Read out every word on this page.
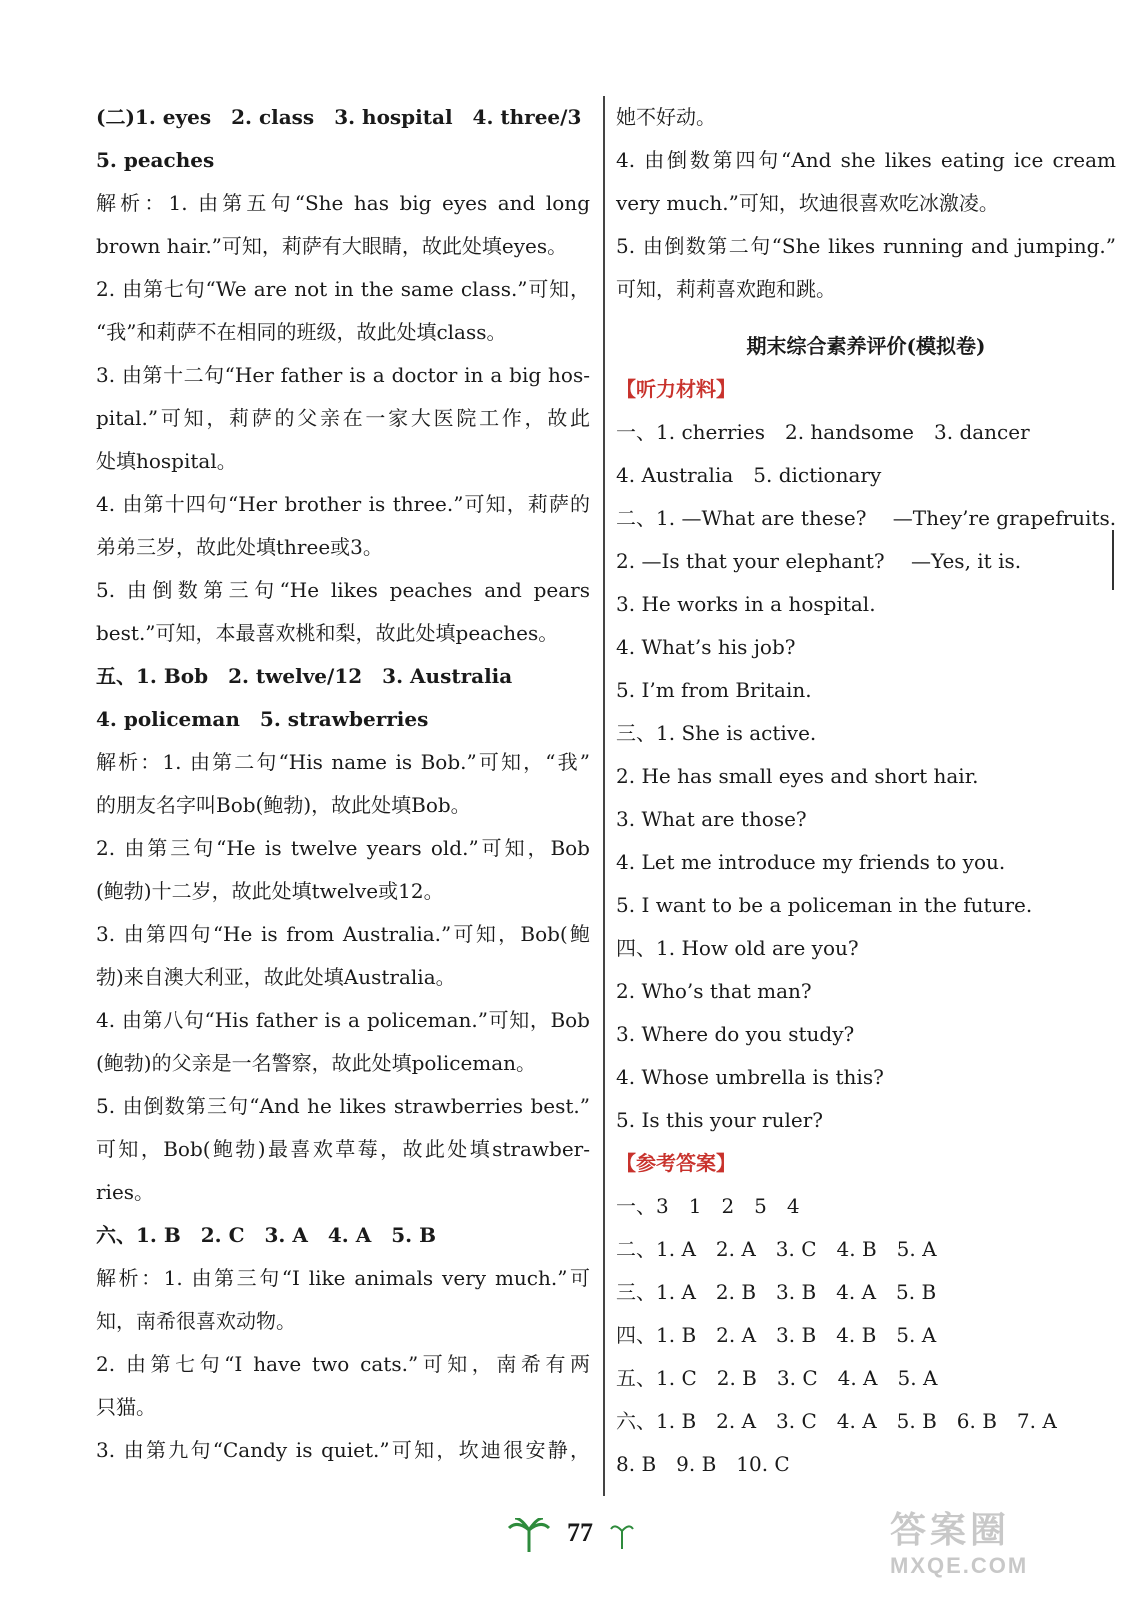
(二)1. eyes　2. class　3. hospital　4. three/3
5. peaches
解析：1. 由第五句“She has big eyes and long
brown hair.”可知，莉萨有大眼睛，故此处填eyes。
2. 由第七句“We are not in the same class.”可知，
“我”和莉萨不在相同的班级，故此处填class。
3. 由第十二句“Her father is a doctor in a big hos-
pital.”可知，莉萨的父亲在一家大医院工作，故此
处填hospital。
4. 由第十四句“Her brother is three.”可知，莉萨的
弟弟三岁，故此处填three或3。
5. 由倒数第三句“He likes peaches and pears
best.”可知，本最喜欢桃和梨，故此处填peaches。
五、1. Bob　2. twelve/12　3. Australia
4. policeman　5. strawberries
解析：1. 由第二句“His name is Bob.”可知，“我”
的朋友名字叫Bob(鲍勃)，故此处填Bob。
2. 由第三句“He is twelve years old.”可知，Bob
(鲍勃)十二岁，故此处填twelve或12。
3. 由第四句“He is from Australia.”可知，Bob(鲍
勃)来自澳大利亚，故此处填Australia。
4. 由第八句“His father is a policeman.”可知，Bob
(鲍勃)的父亲是一名警察，故此处填policeman。
5. 由倒数第三句“And he likes strawberries best.”
可知，Bob(鲍勃)最喜欢草莓，故此处填strawber-
ries。
六、1. B　2. C　3. A　4. A　5. B
解析：1. 由第三句“I like animals very much.”可
知，南希很喜欢动物。
2. 由第七句“I have two cats.”可知，南希有两
只猫。
3. 由第九句“Candy is quiet.”可知，坎迪很安静，
她不好动。
4. 由倒数第四句“And she likes eating ice cream
very much.”可知，坎迪很喜欢吃冰激凌。
5. 由倒数第二句“She likes running and jumping.”
可知，莉莉喜欢跑和跳。
期末综合素养评价(模拟卷)
【听力材料】
一、1. cherries　2. handsome　3. dancer
4. Australia　5. dictionary
二、1. —What are these?　 —They’re grapefruits.
2. —Is that your elephant?　 —Yes, it is.
3. He works in a hospital.
4. What’s his job?
5. I’m from Britain.
三、1. She is active.
2. He has small eyes and short hair.
3. What are those?
4. Let me introduce my friends to you.
5. I want to be a policeman in the future.
四、1. How old are you?
2. Who’s that man?
3. Where do you study?
4. Whose umbrella is this?
5. Is this your ruler?
【参考答案】
一、3　1　2　5　4
二、1. A　2. A　3. C　4. B　5. A
三、1. A　2. B　3. B　4. A　5. B
四、1. B　2. A　3. B　4. B　5. A
五、1. C　2. B　3. C　4. A　5. A
六、1. B　2. A　3. C　4. A　5. B　6. B　7. A
8. B　9. B　10. C
77	答案圈
MXQE.COM
